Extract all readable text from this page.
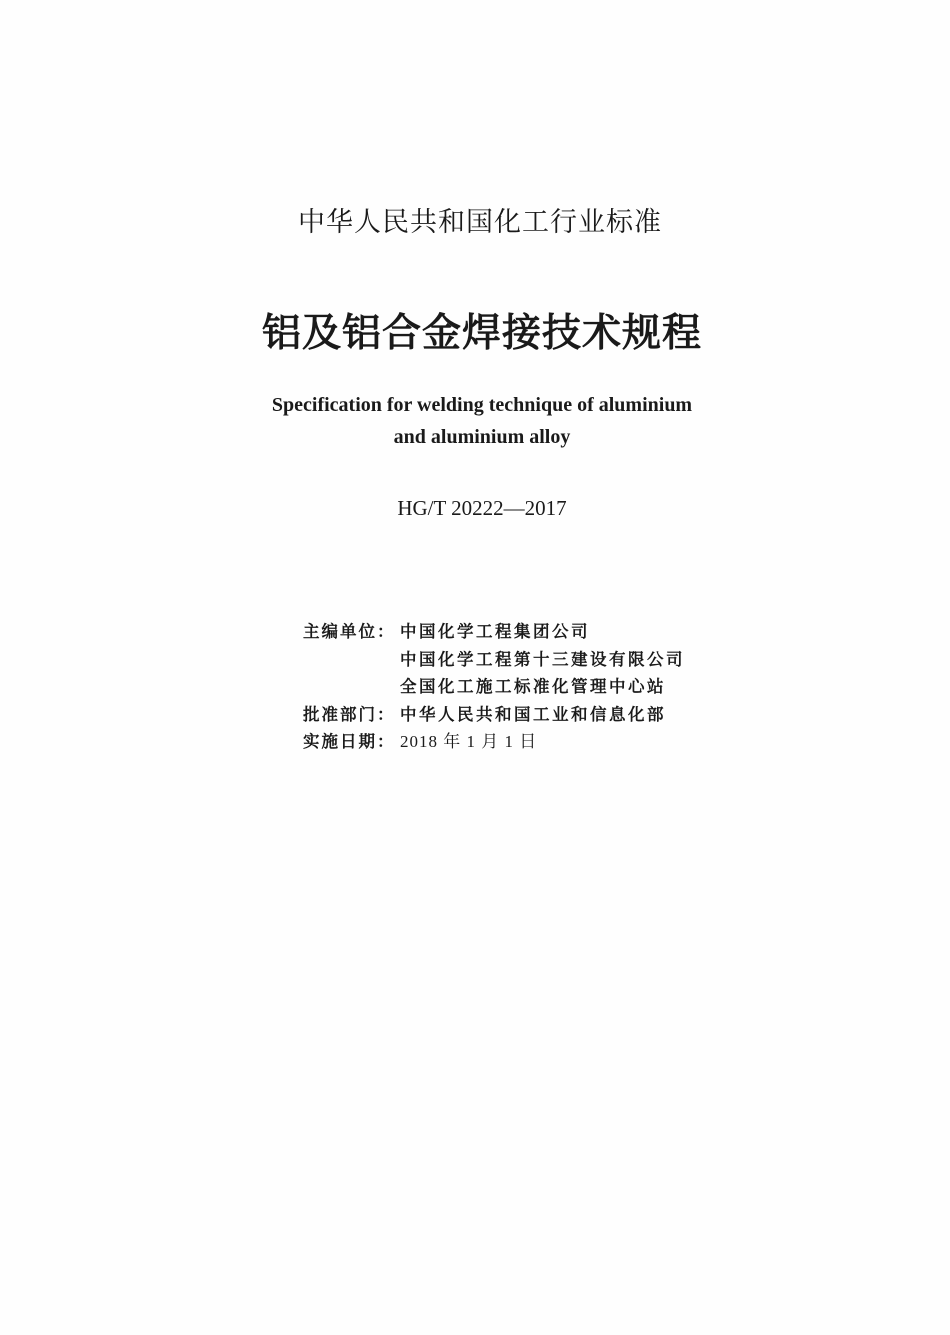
中华人民共和国化工行业标准
铝及铝合金焊接技术规程
Specification for welding technique of aluminium
and aluminium alloy
HG/T 20222—2017
主编单位： 中国化学工程集团公司
中国化学工程第十三建设有限公司
全国化工施工标准化管理中心站
批准部门： 中华人民共和国工业和信息化部
实施日期： 2018 年 1 月 1 日
